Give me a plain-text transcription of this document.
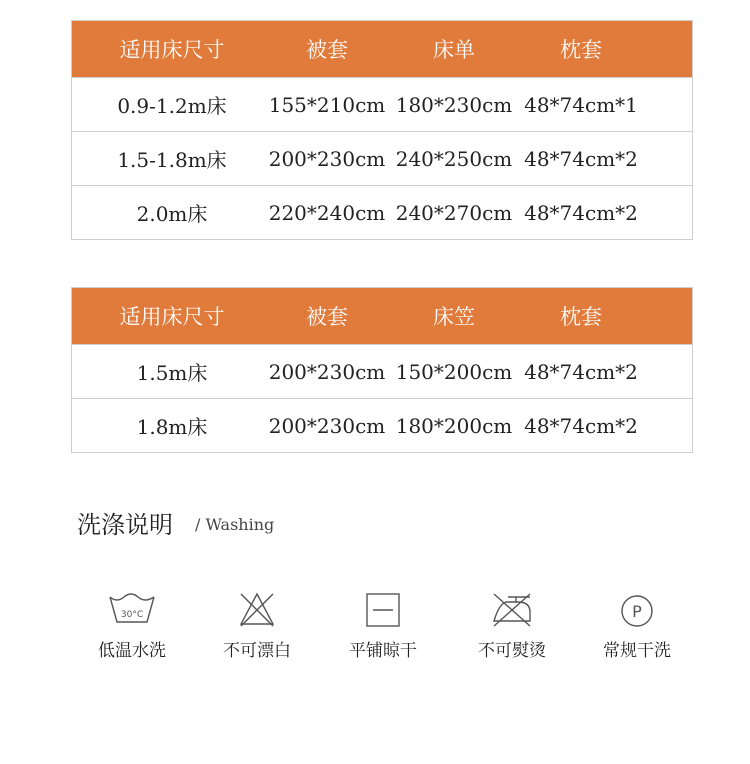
适用床尺寸	被套	床单	枕套
0.9-1.2m床	155*210cm 180*230cm 48*74cm*1
1.5-1.8m床	200*230cm 240*250cm 48*74cm*2
2.0m床	220*240cm 240*270cm 48*74cm*2
适用床尺寸	被套	床笠	枕套
1.5m床	200*230cm 150*200cm 48*74cm*2
1.8m床	200*230cm 180*200cm 48*74cm*2
洗涤说明 / Washing
30°C
低温水洗	不可漂白	平铺晾干	不可熨烫
P
常规干洗
